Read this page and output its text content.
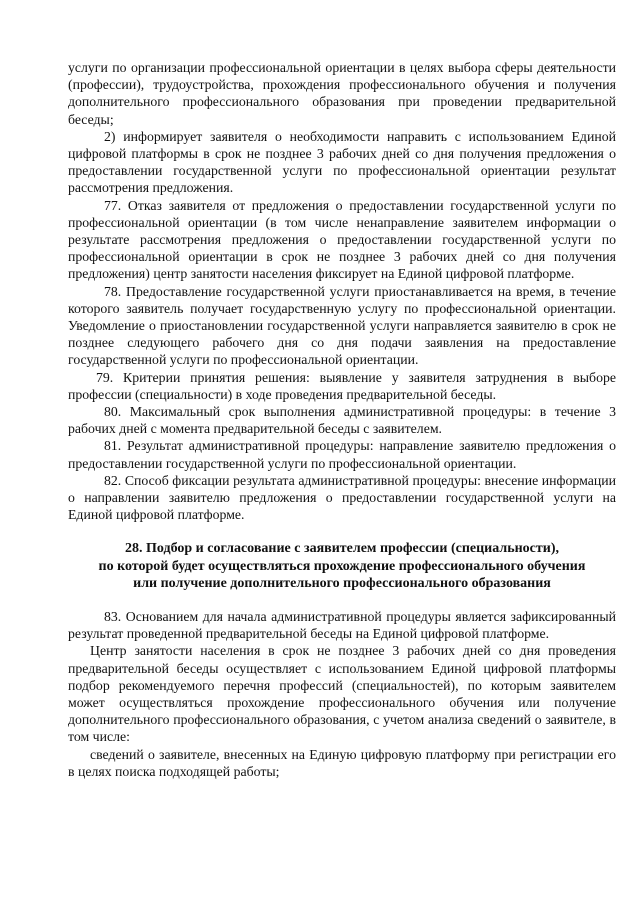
услуги по организации профессиональной ориентации в целях выбора сферы деятельности (профессии), трудоустройства, прохождения профессионального обучения и получения дополнительного профессионального образования при проведении предварительной беседы;

2) информирует заявителя о необходимости направить с использованием Единой цифровой платформы в срок не позднее 3 рабочих дней со дня получения предложения о предоставлении государственной услуги по профессиональной ориентации результат рассмотрения предложения.

77. Отказ заявителя от предложения о предоставлении государственной услуги по профессиональной ориентации (в том числе ненаправление заявителем информации о результате рассмотрения предложения о предоставлении государственной услуги по профессиональной ориентации в срок не позднее 3 рабочих дней со дня получения предложения) центр занятости населения фиксирует на Единой цифровой платформе.

78. Предоставление государственной услуги приостанавливается на время, в течение которого заявитель получает государственную услугу по профессиональной ориентации. Уведомление о приостановлении государственной услуги направляется заявителю в срок не позднее следующего рабочего дня со дня подачи заявления на предоставление государственной услуги по профессиональной ориентации.

79. Критерии принятия решения: выявление у заявителя затруднения в выборе профессии (специальности) в ходе проведения предварительной беседы.

80. Максимальный срок выполнения административной процедуры: в течение 3 рабочих дней с момента предварительной беседы с заявителем.

81. Результат административной процедуры: направление заявителю предложения о предоставлении государственной услуги по профессиональной ориентации.

82. Способ фиксации результата административной процедуры: внесение информации о направлении заявителю предложения о предоставлении государственной услуги на Единой цифровой платформе.

28. Подбор и согласование с заявителем профессии (специальности),
по которой будет осуществляться прохождение профессионального обучения
или получение дополнительного профессионального образования

83. Основанием для начала административной процедуры является зафиксированный результат проведенной предварительной беседы на Единой цифровой платформе.

Центр занятости населения в срок не позднее 3 рабочих дней со дня проведения предварительной беседы осуществляет с использованием Единой цифровой платформы подбор рекомендуемого перечня профессий (специальностей), по которым заявителем может осуществляться прохождение профессионального обучения или получение дополнительного профессионального образования, с учетом анализа сведений о заявителе, в том числе:

сведений о заявителе, внесенных на Единую цифровую платформу при регистрации его в целях поиска подходящей работы;
